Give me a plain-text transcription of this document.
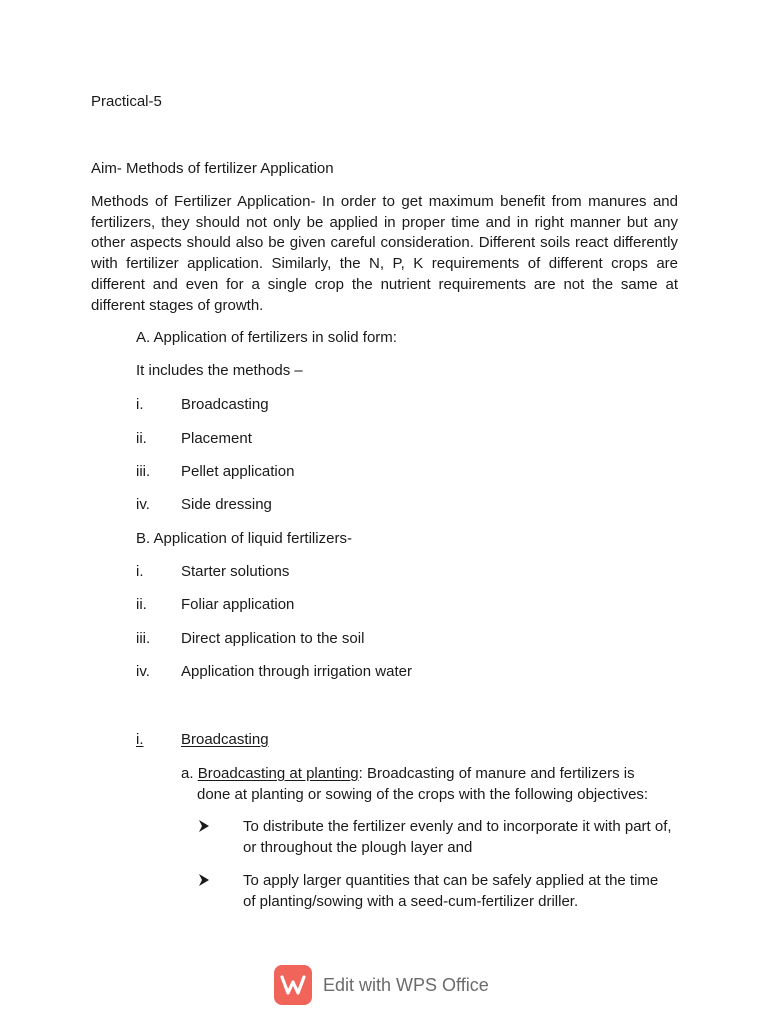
Practical-5
Aim- Methods of fertilizer Application
Methods of Fertilizer Application- In order to get maximum benefit from manures and fertilizers, they should not only be applied in proper time and in right manner but any other aspects should also be given careful consideration. Different soils react differently with fertilizer application. Similarly, the N, P, K requirements of different crops are different and even for a single crop the nutrient requirements are not the same at different stages of growth.
A. Application of fertilizers in solid form:
It includes the methods –
i.	Broadcasting
ii. Placement
iii. Pellet application
iv. Side dressing
B. Application of liquid fertilizers-
i.	Starter solutions
ii. Foliar application
iii. Direct application to the soil
iv. Application through irrigation water
i.	Broadcasting
a. Broadcasting at planting: Broadcasting of manure and fertilizers is
done at planting or sowing of the crops with the following objectives:
To distribute the fertilizer evenly and to incorporate it with part of,
or throughout the plough layer and
To apply larger quantities that can be safely applied at the time
of planting/sowing with a seed-cum-fertilizer driller.
Edit with WPS Office
